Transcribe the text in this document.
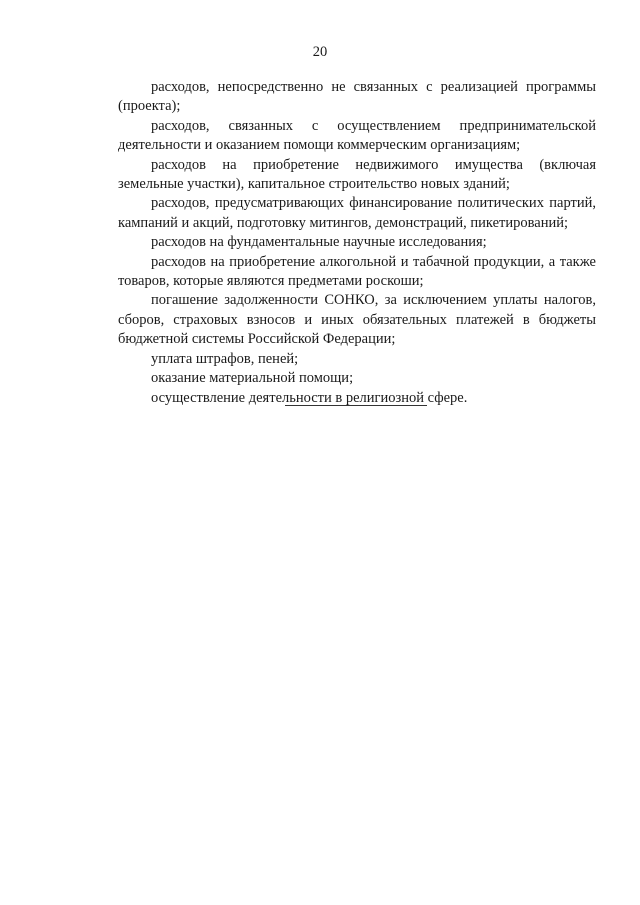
20

расходов, непосредственно не связанных с реализацией программы (проекта);

расходов, связанных с осуществлением предпринимательской деятельности и оказанием помощи коммерческим организациям;

расходов на приобретение недвижимого имущества (включая земельные участки), капитальное строительство новых зданий;

расходов, предусматривающих финансирование политических партий, кампаний и акций, подготовку митингов, демонстраций, пикетирований;

расходов на фундаментальные научные исследования;

расходов на приобретение алкогольной и табачной продукции, а также товаров, которые являются предметами роскоши;

погашение задолженности СОНКО, за исключением уплаты налогов, сборов, страховых взносов и иных обязательных платежей в бюджеты бюджетной системы Российской Федерации;

уплата штрафов, пеней;

оказание материальной помощи;

осуществление деятельности в религиозной сфере.
